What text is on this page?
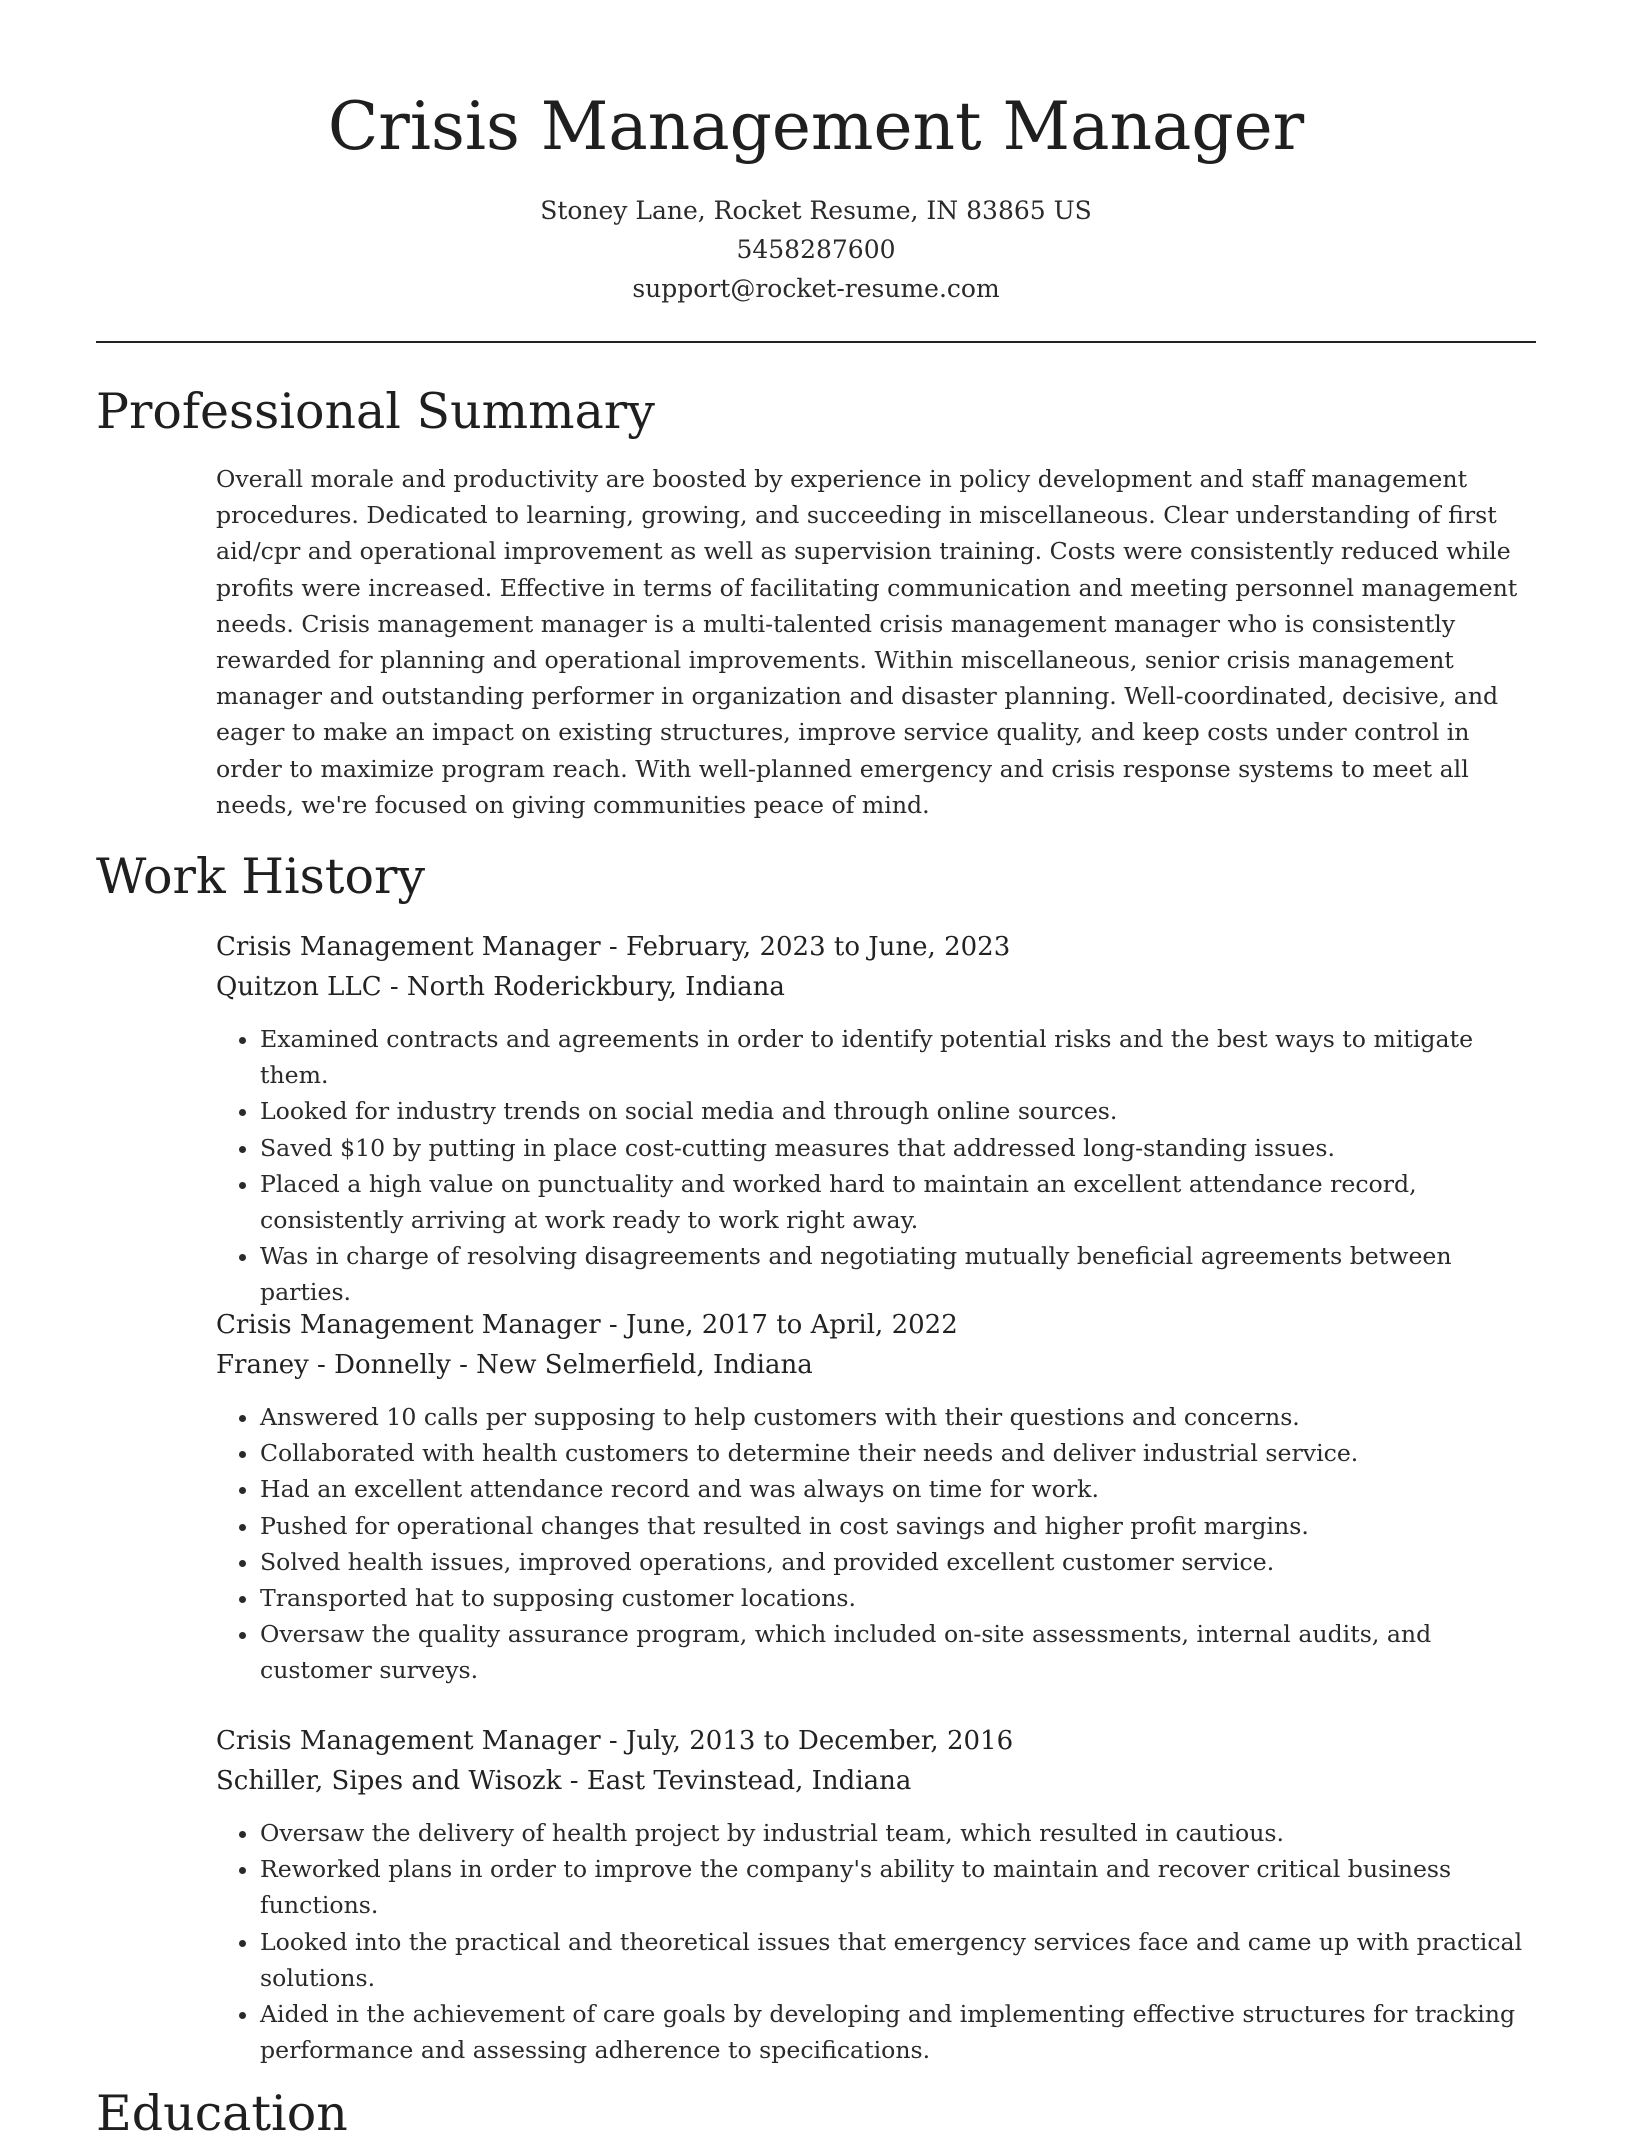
Crisis Management Manager
Stoney Lane, Rocket Resume, IN 83865 US
5458287600
support@rocket-resume.com
Professional Summary

Overall morale and productivity are boosted by experience in policy development and staff management procedures. Dedicated to learning, growing, and succeeding in miscellaneous. Clear understanding of first aid/cpr and operational improvement as well as supervision training. Costs were consistently reduced while profits were increased. Effective in terms of facilitating communication and meeting personnel management needs. Crisis management manager is a multi-talented crisis management manager who is consistently rewarded for planning and operational improvements. Within miscellaneous, senior crisis management manager and outstanding performer in organization and disaster planning. Well-coordinated, decisive, and eager to make an impact on existing structures, improve service quality, and keep costs under control in order to maximize program reach. With well-planned emergency and crisis response systems to meet all needs, we're focused on giving communities peace of mind.

Work History
Crisis Management Manager - February, 2023 to June, 2023
Quitzon LLC - North Roderickbury, Indiana
• Examined contracts and agreements in order to identify potential risks and the best ways to mitigate them.
• Looked for industry trends on social media and through online sources.
• Saved $10 by putting in place cost-cutting measures that addressed long-standing issues.
• Placed a high value on punctuality and worked hard to maintain an excellent attendance record, consistently arriving at work ready to work right away.
• Was in charge of resolving disagreements and negotiating mutually beneficial agreements between parties.
Crisis Management Manager - June, 2017 to April, 2022
Franey - Donnelly - New Selmerfield, Indiana
• Answered 10 calls per supposing to help customers with their questions and concerns.
• Collaborated with health customers to determine their needs and deliver industrial service.
• Had an excellent attendance record and was always on time for work.
• Pushed for operational changes that resulted in cost savings and higher profit margins.
• Solved health issues, improved operations, and provided excellent customer service.
• Transported hat to supposing customer locations.
• Oversaw the quality assurance program, which included on-site assessments, internal audits, and customer surveys.
Crisis Management Manager - July, 2013 to December, 2016
Schiller, Sipes and Wisozk - East Tevinstead, Indiana
• Oversaw the delivery of health project by industrial team, which resulted in cautious.
• Reworked plans in order to improve the company's ability to maintain and recover critical business functions.
• Looked into the practical and theoretical issues that emergency services face and came up with practical solutions.
• Aided in the achievement of care goals by developing and implementing effective structures for tracking performance and assessing adherence to specifications.
Education
